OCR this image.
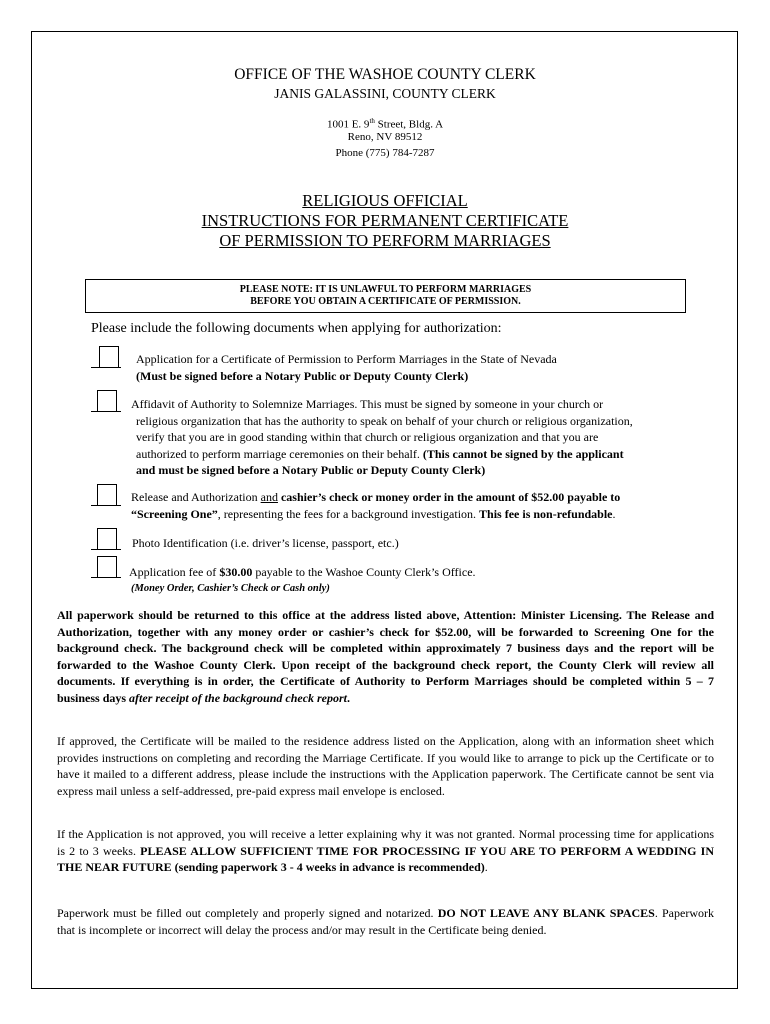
OFFICE OF THE WASHOE COUNTY CLERK
JANIS GALASSINI, COUNTY CLERK
1001 E. 9th Street, Bldg. A
Reno, NV 89512
Phone (775) 784-7287
RELIGIOUS OFFICIAL
INSTRUCTIONS FOR PERMANENT CERTIFICATE
OF PERMISSION TO PERFORM MARRIAGES
PLEASE NOTE: IT IS UNLAWFUL TO PERFORM MARRIAGES
BEFORE YOU OBTAIN A CERTIFICATE OF PERMISSION.
Please include the following documents when applying for authorization:
Application for a Certificate of Permission to Perform Marriages in the State of Nevada
(Must be signed before a Notary Public or Deputy County Clerk)
Affidavit of Authority to Solemnize Marriages. This must be signed by someone in your church or
religious organization that has the authority to speak on behalf of your church or religious organization,
verify that you are in good standing within that church or religious organization and that you are
authorized to perform marriage ceremonies on their behalf. (This cannot be signed by the applicant
and must be signed before a Notary Public or Deputy County Clerk)
Release and Authorization and cashier’s check or money order in the amount of $52.00 payable to
“Screening One”, representing the fees for a background investigation. This fee is non-refundable.
Photo Identification (i.e. driver’s license, passport, etc.)
Application fee of $30.00 payable to the Washoe County Clerk’s Office.
(Money Order, Cashier’s Check or Cash only)
All paperwork should be returned to this office at the address listed above, Attention: Minister Licensing. The Release and Authorization, together with any money order or cashier’s check for $52.00, will be forwarded to Screening One for the background check. The background check will be completed within approximately 7 business days and the report will be forwarded to the Washoe County Clerk. Upon receipt of the background check report, the County Clerk will review all documents. If everything is in order, the Certificate of Authority to Perform Marriages should be completed within 5 – 7 business days after receipt of the background check report.
If approved, the Certificate will be mailed to the residence address listed on the Application, along with an information sheet which provides instructions on completing and recording the Marriage Certificate. If you would like to arrange to pick up the Certificate or to have it mailed to a different address, please include the instructions with the Application paperwork. The Certificate cannot be sent via express mail unless a self-addressed, pre-paid express mail envelope is enclosed.
If the Application is not approved, you will receive a letter explaining why it was not granted. Normal processing time for applications is 2 to 3 weeks. PLEASE ALLOW SUFFICIENT TIME FOR PROCESSING IF YOU ARE TO PERFORM A WEDDING IN THE NEAR FUTURE (sending paperwork 3 - 4 weeks in advance is recommended).
Paperwork must be filled out completely and properly signed and notarized. DO NOT LEAVE ANY BLANK SPACES. Paperwork that is incomplete or incorrect will delay the process and/or may result in the Certificate being denied.
